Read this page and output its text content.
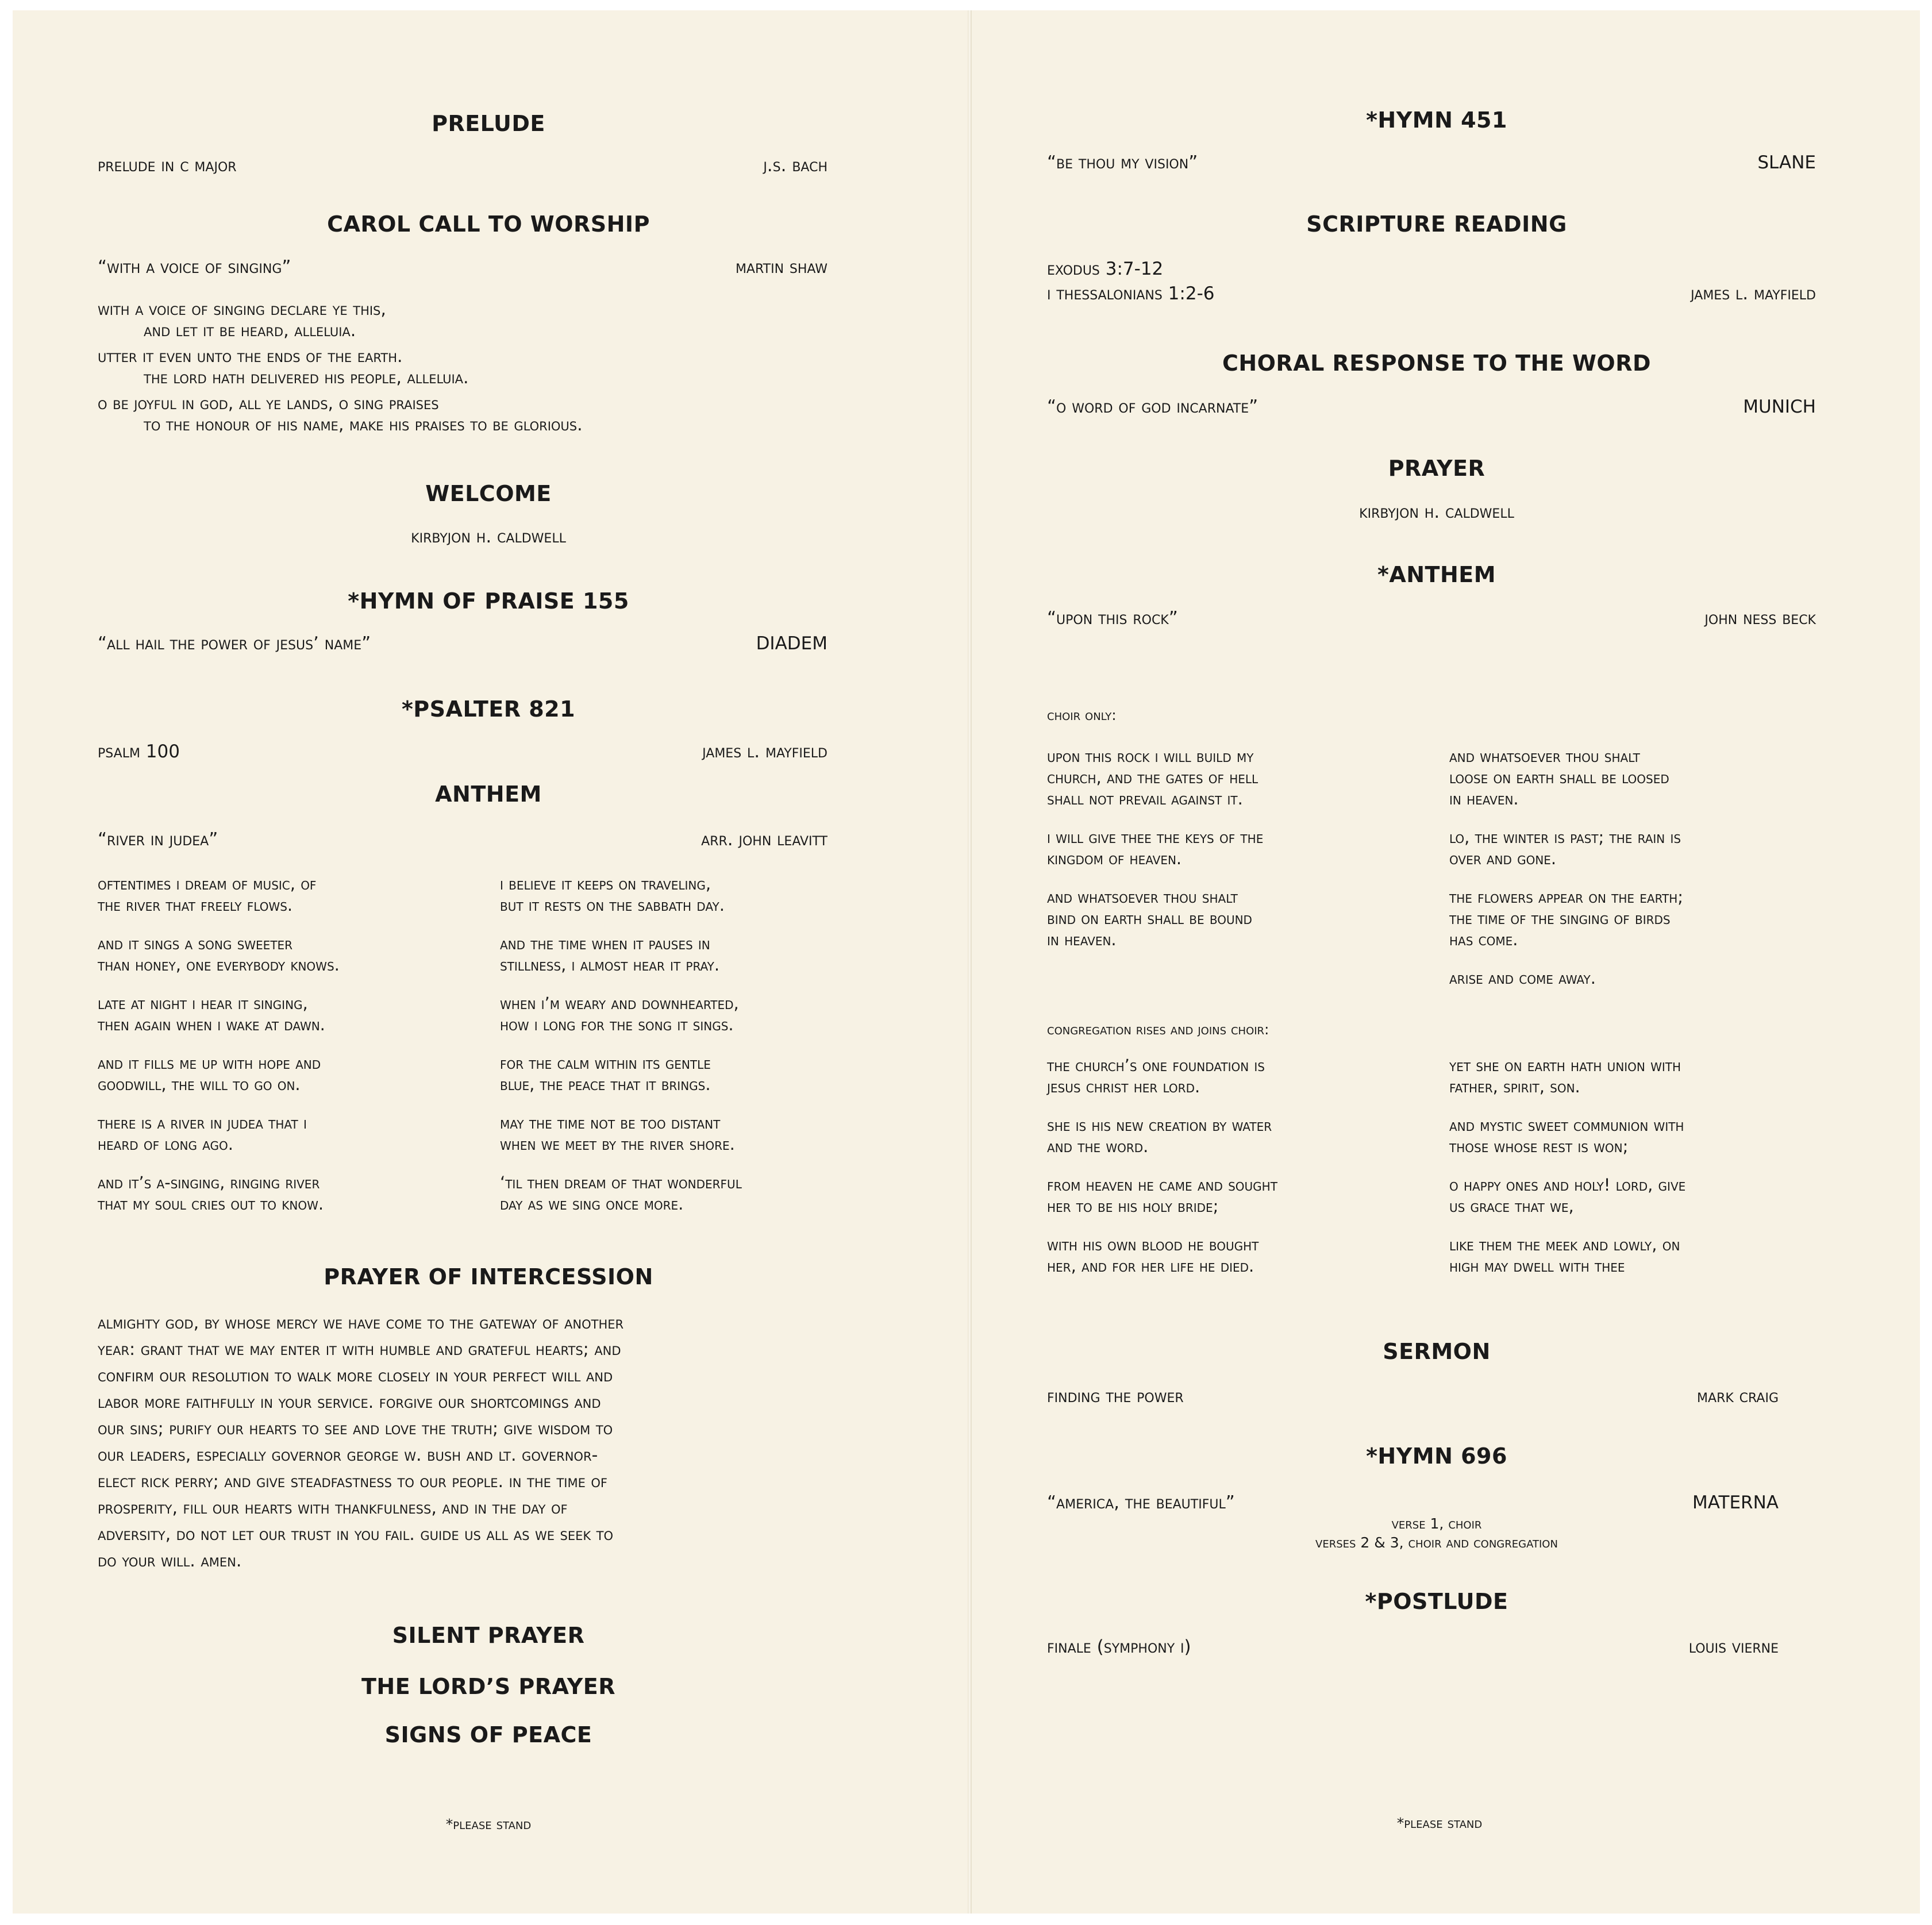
PRELUDE
prelude in c major	j.s. bach
CAROL CALL TO WORSHIP
“with a voice of singing”	martin shaw
with a voice of singing declare ye this,
and let it be heard, alleluia.
utter it even unto the ends of the earth.
the lord hath delivered his people, alleluia.
o be joyful in god, all ye lands, o sing praises
to the honour of his name, make his praises to be glorious.
WELCOME
kirbyjon h. caldwell
*HYMN OF PRAISE 155
“all hail the power of jesus’ name”	DIADEM
*PSALTER 821
psalm 100	james l. mayfield
ANTHEM
“river in judea”	arr. john leavitt
oftentimes i dream of music, of
the river that freely flows.
and it sings a song sweeter
than honey, one everybody knows.
late at night i hear it singing,
then again when i wake at dawn.
and it fills me up with hope and
goodwill, the will to go on.
there is a river in judea that i
heard of long ago.
and it’s a-singing, ringing river
that my soul cries out to know.
i believe it keeps on traveling,
but it rests on the sabbath day.
and the time when it pauses in
stillness, i almost hear it pray.
when i’m weary and downhearted,
how i long for the song it sings.
for the calm within its gentle
blue, the peace that it brings.
may the time not be too distant
when we meet by the river shore.
‘til then dream of that wonderful
day as we sing once more.
PRAYER OF INTERCESSION
almighty god, by whose mercy we have come to the gateway of another
year: grant that we may enter it with humble and grateful hearts; and
confirm our resolution to walk more closely in your perfect will and
labor more faithfully in your service. forgive our shortcomings and
our sins; purify our hearts to see and love the truth; give wisdom to
our leaders, especially governor george w. bush and lt. governor-
elect rick perry; and give steadfastness to our people. in the time of
prosperity, fill our hearts with thankfulness, and in the day of
adversity, do not let our trust in you fail. guide us all as we seek to
do your will. amen.
SILENT PRAYER
THE LORD’S PRAYER
SIGNS OF PEACE
*please stand
*HYMN 451
“be thou my vision”	SLANE
SCRIPTURE READING
exodus 3:7-12
i thessalonians 1:2-6	james l. mayfield
CHORAL RESPONSE TO THE WORD
“o word of god incarnate”	MUNICH
PRAYER
kirbyjon h. caldwell
*ANTHEM
“upon this rock”	john ness beck
choir only:
upon this rock i will build my
church, and the gates of hell
shall not prevail against it.
i will give thee the keys of the
kingdom of heaven.
and whatsoever thou shalt
bind on earth shall be bound
in heaven.
and whatsoever thou shalt
loose on earth shall be loosed
in heaven.
lo, the winter is past; the rain is
over and gone.
the flowers appear on the earth;
the time of the singing of birds
has come.
arise and come away.
congregation rises and joins choir:
the church’s one foundation is
jesus christ her lord.
she is his new creation by water
and the word.
from heaven he came and sought
her to be his holy bride;
with his own blood he bought
her, and for her life he died.
yet she on earth hath union with
father, spirit, son.
and mystic sweet communion with
those whose rest is won;
o happy ones and holy! lord, give
us grace that we,
like them the meek and lowly, on
high may dwell with thee
SERMON
finding the power	mark craig
*HYMN 696
“america, the beautiful”	MATERNA
verse 1, choir
verses 2 & 3, choir and congregation
*POSTLUDE
finale (symphony i)	louis vierne
*please stand
